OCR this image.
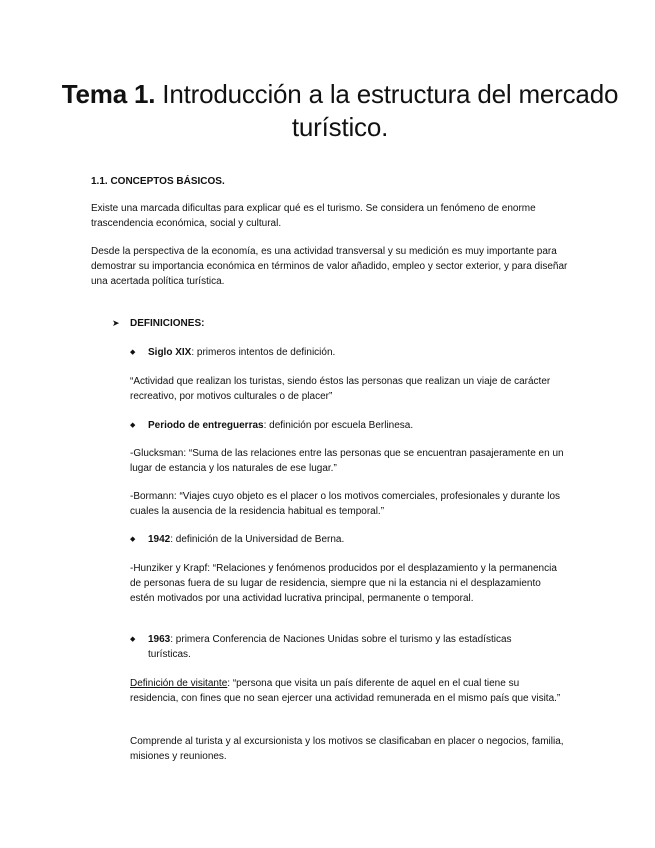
Tema 1. Introducción a la estructura del mercado turístico.
1.1. CONCEPTOS BÁSICOS.
Existe una marcada dificultas para explicar qué es el turismo. Se considera un fenómeno de enorme trascendencia económica, social y cultural.
Desde la perspectiva de la economía, es una actividad transversal y su medición es muy importante para demostrar su importancia económica en términos de valor añadido, empleo y sector exterior, y para diseñar una acertada política turística.
➤ DEFINICIONES:
◆ Siglo XIX: primeros intentos de definición.
“Actividad que realizan los turistas, siendo éstos las personas que realizan un viaje de carácter recreativo, por motivos culturales o de placer”
◆ Periodo de entreguerras: definición por escuela Berlinesa.
-Glucksman: “Suma de las relaciones entre las personas que se encuentran pasajeramente en un lugar de estancia y los naturales de ese lugar.”
-Bormann: “Viajes cuyo objeto es el placer o los motivos comerciales, profesionales y durante los cuales la ausencia de la residencia habitual es temporal.”
◆ 1942: definición de la Universidad de Berna.
-Hunziker y Krapf: “Relaciones y fenómenos producidos por el desplazamiento y la permanencia de personas fuera de su lugar de residencia, siempre que ni la estancia ni el desplazamiento estén motivados por una actividad lucrativa principal, permanente o temporal.
◆ 1963: primera Conferencia de Naciones Unidas sobre el turismo y las estadísticas turísticas.
Definición de visitante: “persona que visita un país diferente de aquel en el cual tiene su residencia, con fines que no sean ejercer una actividad remunerada en el mismo país que visita.”
Comprende al turista y al excursionista y los motivos se clasificaban en placer o negocios, familia, misiones y reuniones.
